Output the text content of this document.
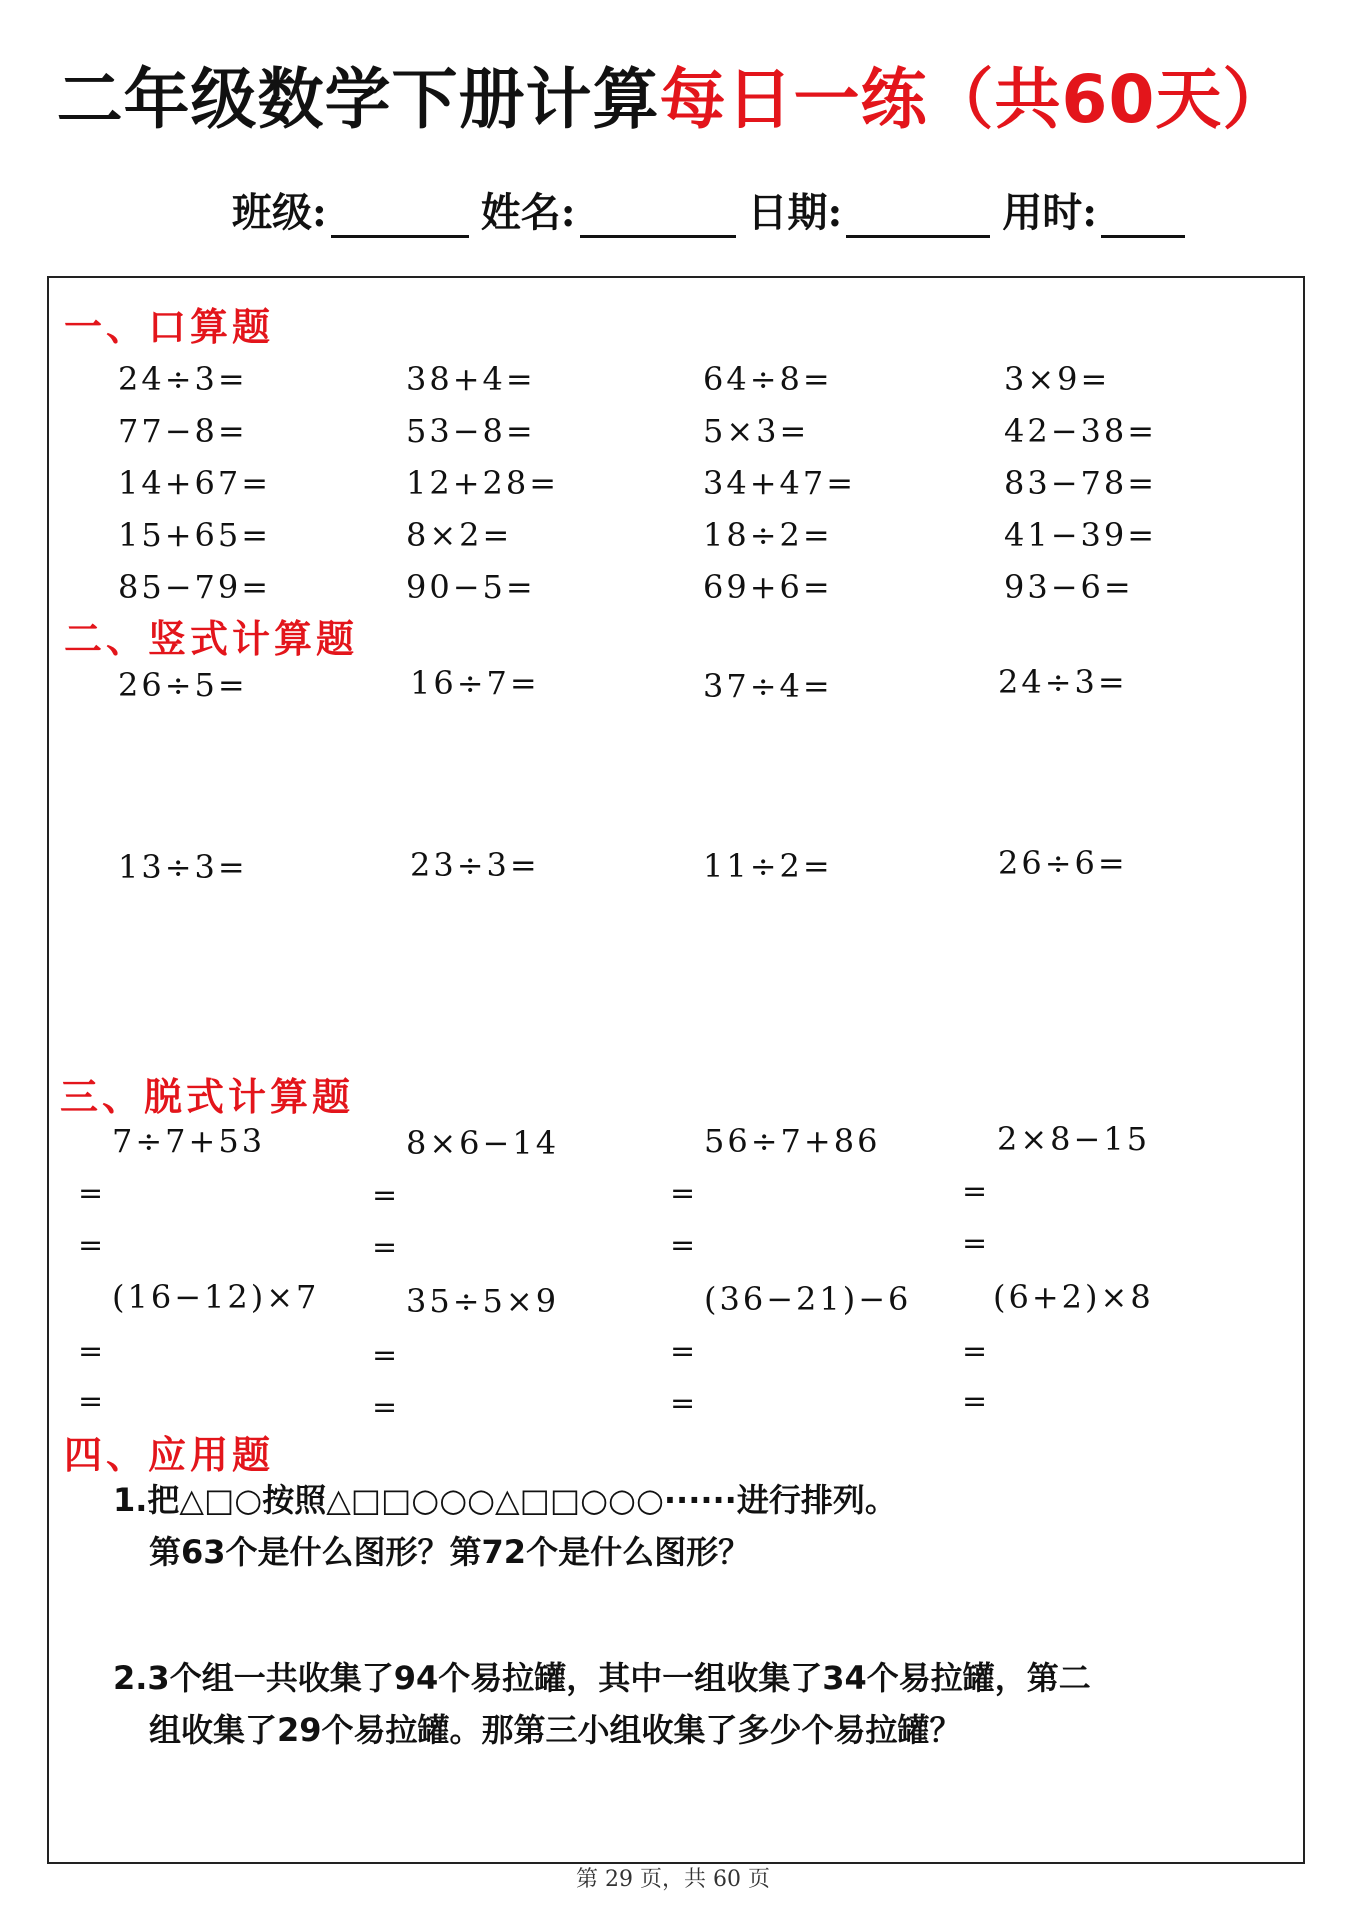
二年级数学下册计算每日一练（共60天）
班级:	姓名:	日期:	用时:
一、口算题
24÷3=	38+4=	64÷8=	3×9=
77−8=	53−8=	5×3=	42−38=
14+67=	12+28=	34+47=	83−78=
15+65=	8×2=	18÷2=	41−39=
85−79=	90−5=	69+6=	93−6=
二、竖式计算题
26÷5=	16÷7=	37÷4=	24÷3=
13÷3=	23÷3=	11÷2=	26÷6=
三、脱式计算题
7÷7+53	8×6−14	56÷7+86	2×8−15
=	=	=	=
=	=	=	=
(16−12)×7	35÷5×9	(36−21)−6	(6+2)×8
=	=	=	=
=	=	=	=
四、应用题
1.把△□○按照△□□○○○△□□○○○······进行排列。
第63个是什么图形？第72个是什么图形？
2.3个组一共收集了94个易拉罐，其中一组收集了34个易拉罐，第二
组收集了29个易拉罐。那第三小组收集了多少个易拉罐？
第 29 页，共 60 页
